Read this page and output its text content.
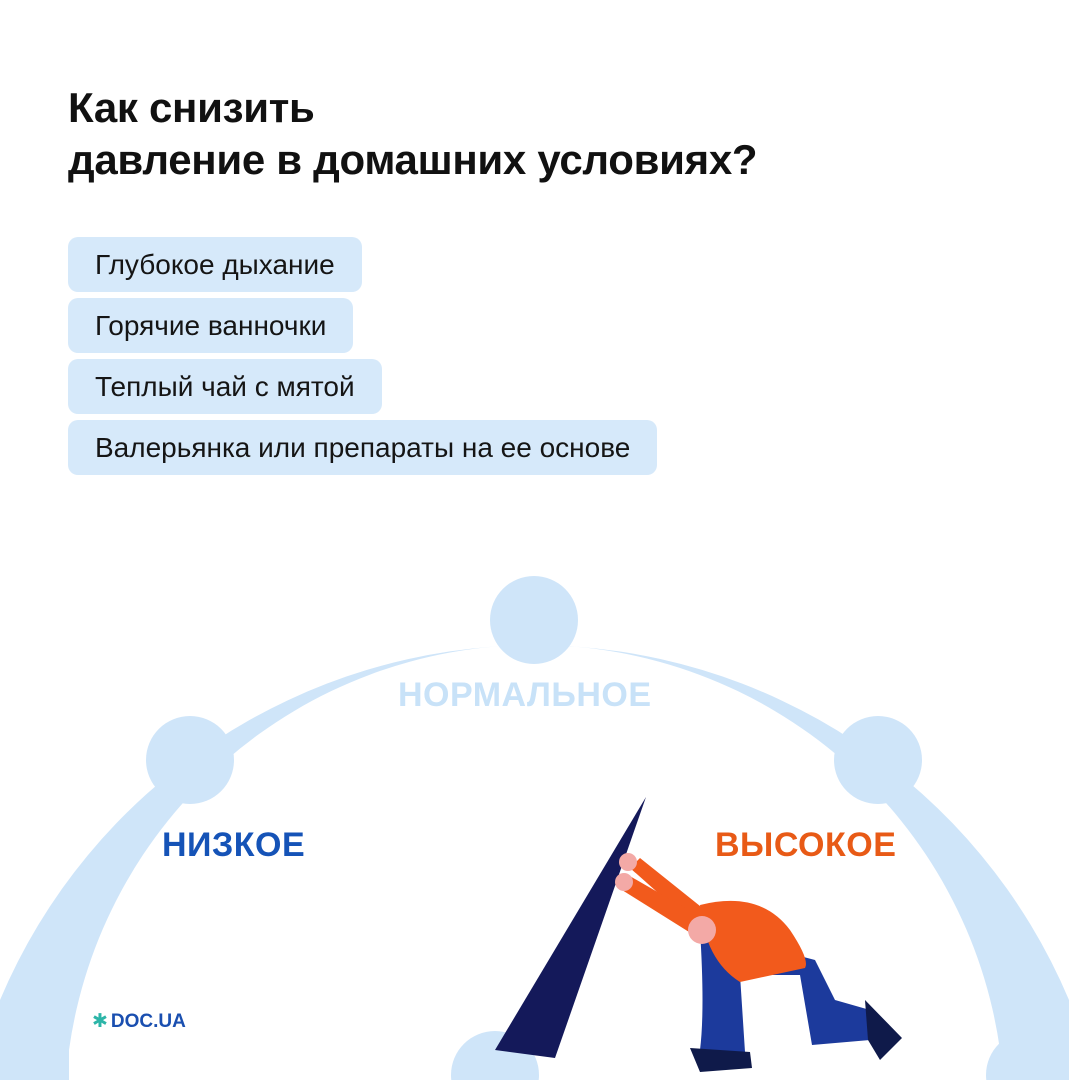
Как снизить
давление в домашних условиях?
Глубокое дыхание
Горячие ванночки
Теплый чай с мятой
Валерьянка или препараты на ее основе
НОРМАЛЬНОЕ
НИЗКОЕ	ВЫСОКОЕ
✱ DOC.UA
